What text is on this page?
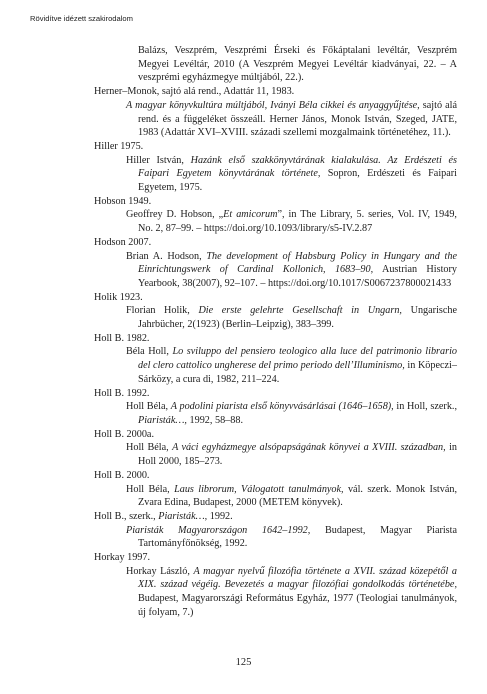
Rövidítve idézett szakirodalom

Balázs, Veszprém, Veszprémi Érseki és Főkáptalani levéltár, Veszprém Megyei Levéltár, 2010 (A Veszprém Megyei Levéltár kiadványai, 22. – A veszprémi egyházmegye múltjából, 22.).

Herner–Monok, sajtó alá rend., Adattár 11, 1983.

A magyar könyvkultúra múltjából, Iványi Béla cikkei és anyaggyűjtése, sajtó alá rend. és a függeléket összeáll. Herner János, Monok István, Szeged, JATE, 1983 (Adattár XVI–XVIII. századi szellemi mozgalmaink történetéhez, 11.).

Hiller 1975.

Hiller István, Hazánk első szakkönyvtárának kialakulása. Az Erdészeti és Faipari Egyetem könyvtárának története, Sopron, Erdészeti és Faipari Egyetem, 1975.

Hobson 1949.

Geoffrey D. Hobson, „Et amicorum”, in The Library, 5. series, Vol. IV, 1949, No. 2, 87–99. – https://doi.org/10.1093/library/s5-IV.2.87

Hodson 2007.

Brian A. Hodson, The development of Habsburg Policy in Hungary and the Einrichtungswerk of Cardinal Kollonich, 1683–90, Austrian History Yearbook, 38(2007), 92–107. – https://doi.org/10.1017/S0067237800021433

Holik 1923.

Florian Holik, Die erste gelehrte Gesellschaft in Ungarn, Ungarische Jahrbücher, 2(1923) (Berlin–Leipzig), 383–399.

Holl B. 1982.

Béla Holl, Lo sviluppo del pensiero teologico alla luce del patrimonio librario del clero cattolico ungherese del primo periodo dell’Illuminismo, in Köpeczi–Sárközy, a cura di, 1982, 211–224.

Holl B. 1992.

Holl Béla, A podolini piarista első könyvvásárlásai (1646–1658), in Holl, szerk., Piaristák…, 1992, 58–88.

Holl B. 2000a.

Holl Béla, A váci egyházmegye alsópapságának könyvei a XVIII. században, in Holl 2000, 185–273.

Holl B. 2000.

Holl Béla, Laus librorum, Válogatott tanulmányok, vál. szerk. Monok István, Zvara Edina, Budapest, 2000 (METEM könyvek).

Holl B., szerk., Piaristák…, 1992.

Piaristák Magyarországon 1642–1992, Budapest, Magyar Piarista Tartományfőnökség, 1992.

Horkay 1997.

Horkay László, A magyar nyelvű filozófia története a XVII. század közepétől a XIX. század végéig. Bevezetés a magyar filozófiai gondolkodás történetébe, Budapest, Magyarországi Református Egyház, 1977 (Teologiai tanulmányok, új folyam, 7.)

125
